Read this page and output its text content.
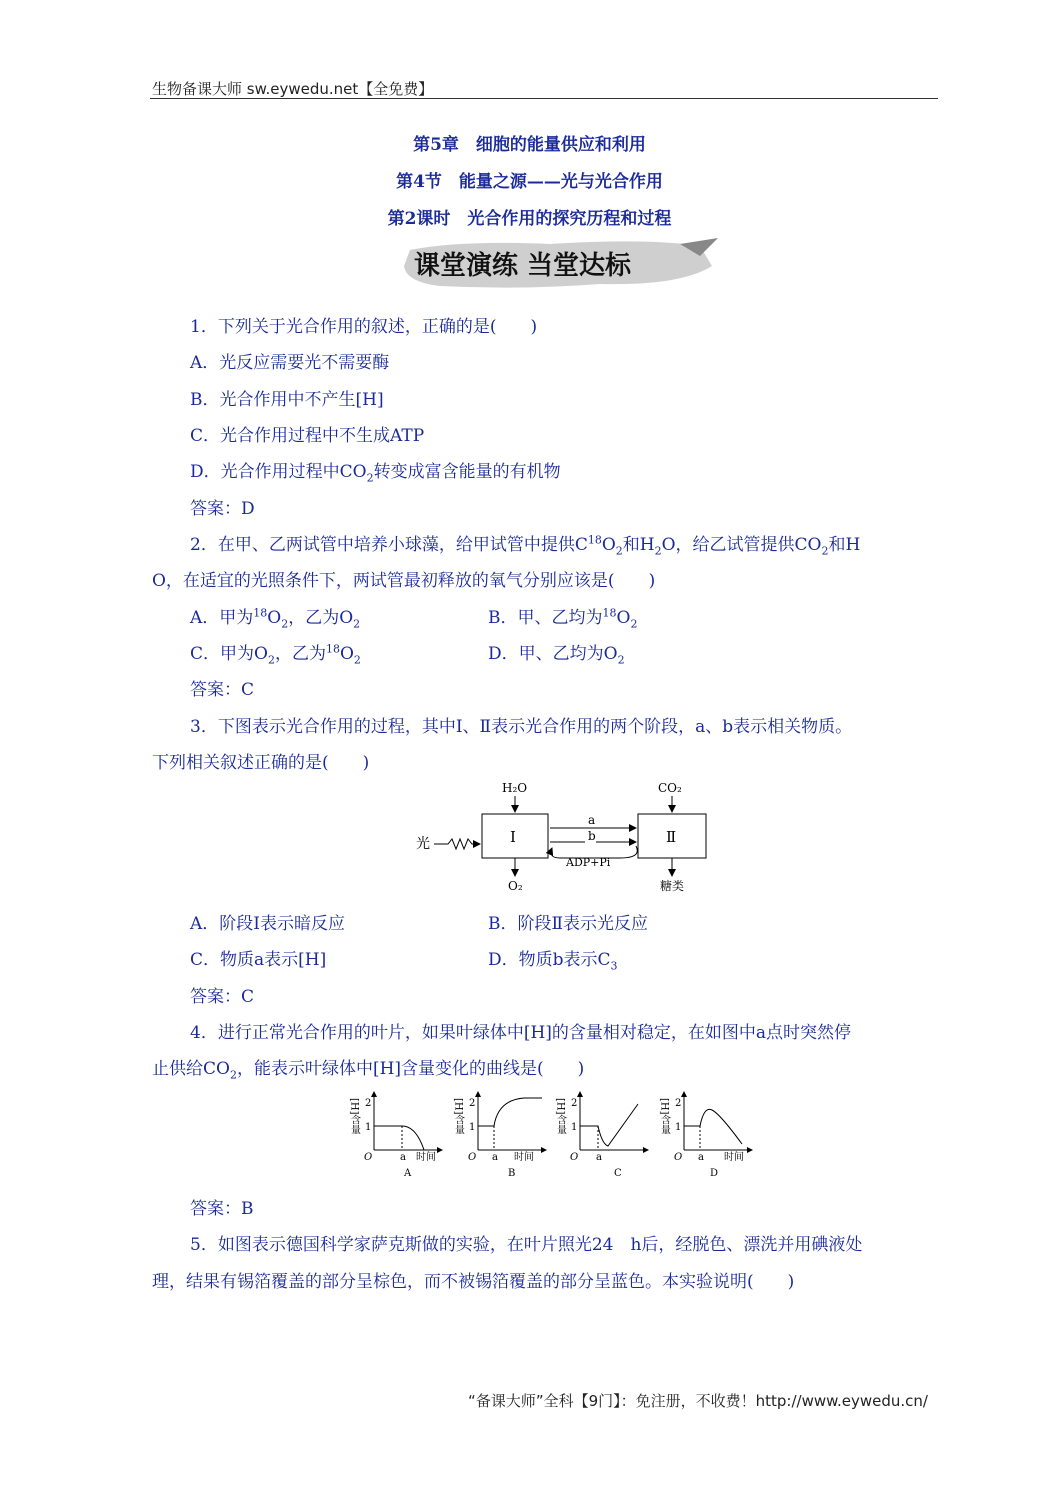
生物备课大师 sw.eywedu.net【全免费】
第5章　细胞的能量供应和利用
第4节　能量之源——光与光合作用
第2课时　光合作用的探究历程和过程
课堂演练 当堂达标
1．下列关于光合作用的叙述，正确的是(　　)
A．光反应需要光不需要酶
B．光合作用中不产生[H]
C．光合作用过程中不生成ATP
D．光合作用过程中$CO_2$转变成富含能量的有机物
答案：D
2．在甲、乙两试管中培养小球藻，给甲试管中提供$C^{18}O_2$和$H_2O$，给乙试管提供$CO_2$和H
O，在适宜的光照条件下，两试管最初释放的氧气分别应该是(　　)
A．甲为$^{18}O_2$，乙为$O_2$	B．甲、乙均为$^{18}O_2$
C．甲为$O_2$，乙为$^{18}O_2$	D．甲、乙均为$O_2$
答案：C
3．下图表示光合作用的过程，其中Ⅰ、Ⅱ表示光合作用的两个阶段，a、b表示相关物质。
下列相关叙述正确的是(　　)
H₂O
光	Ⅰ
O₂
a
b
ADP+Pi
Ⅱ
CO₂
糖类
A．阶段Ⅰ表示暗反应	B．阶段Ⅱ表示光反应
C．物质a表示[H]	D．物质b表示$C_3$
答案：C
4．进行正常光合作用的叶片，如果叶绿体中[H]的含量相对稳定，在如图中a点时突然停
止供给$CO_2$，能表示叶绿体中[H]含量变化的曲线是(　　)
[H]含量 2
1
O	a 时间
A
[H]含量 2
1
O a 时间
B
[H]含量 2
1
O a
C
[H]含量 2
1
O a 时间
D
答案：B
5．如图表示德国科学家萨克斯做的实验，在叶片照光24　h后，经脱色、漂洗并用碘液处
理，结果有锡箔覆盖的部分呈棕色，而不被锡箔覆盖的部分呈蓝色。本实验说明(　　)
“备课大师”全科【9门】：免注册，不收费！http://www.eywedu.cn/
